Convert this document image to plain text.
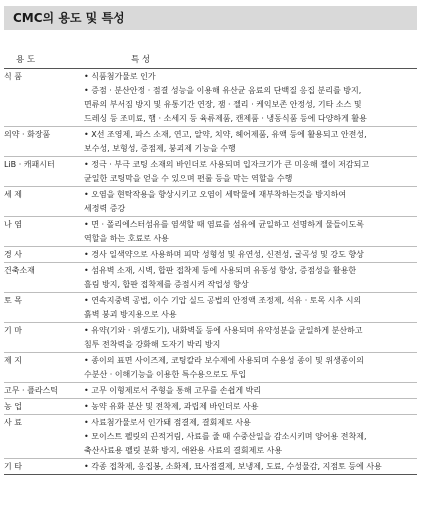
CMC의 용도 및 특성
용 도	특 성
식 품	• 식품첨가물로 인가
• 증점 · 분산안정 · 점결 성능을 이용해 유산균 음료의 단백질 응집 분리를 방지,
면류의 부서짐 방지 및 유통기간 연장, 잼 · 젤리 · 케익보존 안정성, 기타 소스 및
드레싱 등 조미료, 햄 · 소세지 등 육류제품, 캔제품 · 냉동식품 등에 다양하게 활용
의약 · 화장품	• X선 조영제, 파스 소재, 연고, 알약, 치약, 헤어제품, 유액 등에 활용되고 안전성,
보수성, 보형성, 증점제, 붕괴제 기능을 수행
LiB · 캐패시터	• 정극 · 부극 코팅 소재의 바인더로 사용되며 입자크기가 큰 미응해 젤이 저감되고
균일한 코팅막을 얻을 수 있으며 편룰 등을 막는 역할을 수행
세 제	• 오염을 현탁작용을 향상시키고 오염이 세탁물에 재부착하는것을 방지하여
세정력 증강
나 염	• 면 · 폴리에스터섬유를 염색할 때 염료를 섬유에 균일하고 선명하게 물들이도록
역할을 하는 호료로 사용
경 사	• 경사 일색약으로 사용하며 피막 성형성 및 유연성, 신전성, 굴곡성 및 강도 향상
건축소재	• 섬유벽 소재, 시벽, 합판 접착제 등에 사용되며 유동성 향상, 증점성을 활용한
흘림 방지, 합판 접착제를 증점시켜 작업성 향상
토 목	• 연속지중벽 공법, 이수 기압 실드 공법의 안정액 조정제, 석유 · 토목 시추 시의
흙벽 붕괴 방지용으로 사용
기 마	• 유약(기와 · 위생도기), 내화벽돌 등에 사용되며 유약성분을 균일하게 분산하고
침투 전착력을 강화해 도자기 박리 방지
제 지	• 종이의 표면 사이즈제, 코팅칼라 보수제에 사용되며 수용성 종이 및 위생종이의
수분산 · 이해기능을 이용한 특수용으로도 투입
고무 · 플라스틱	• 고무 이형제로서 주형을 통해 고무를 손쉽게 박리
농 업	• 농약 유화 분산 및 전착제, 과립제 바인더로 사용
사 료	• 사료첨가물로서 인가돼 점결제, 결회제로 사용
• 모이스트 펠릿의 끈적거림, 사료를 줄 때 수중산일을 감소시키며 양어용 전착제,
축산사료용 펠릿 분화 방지, 애완용 사료의 결회제로 사용
기 타	• 각종 접착제, 응집봉, 소화제, 묘사점결제, 보냉제, 도료, 수성물감, 지점토 등에 사용
